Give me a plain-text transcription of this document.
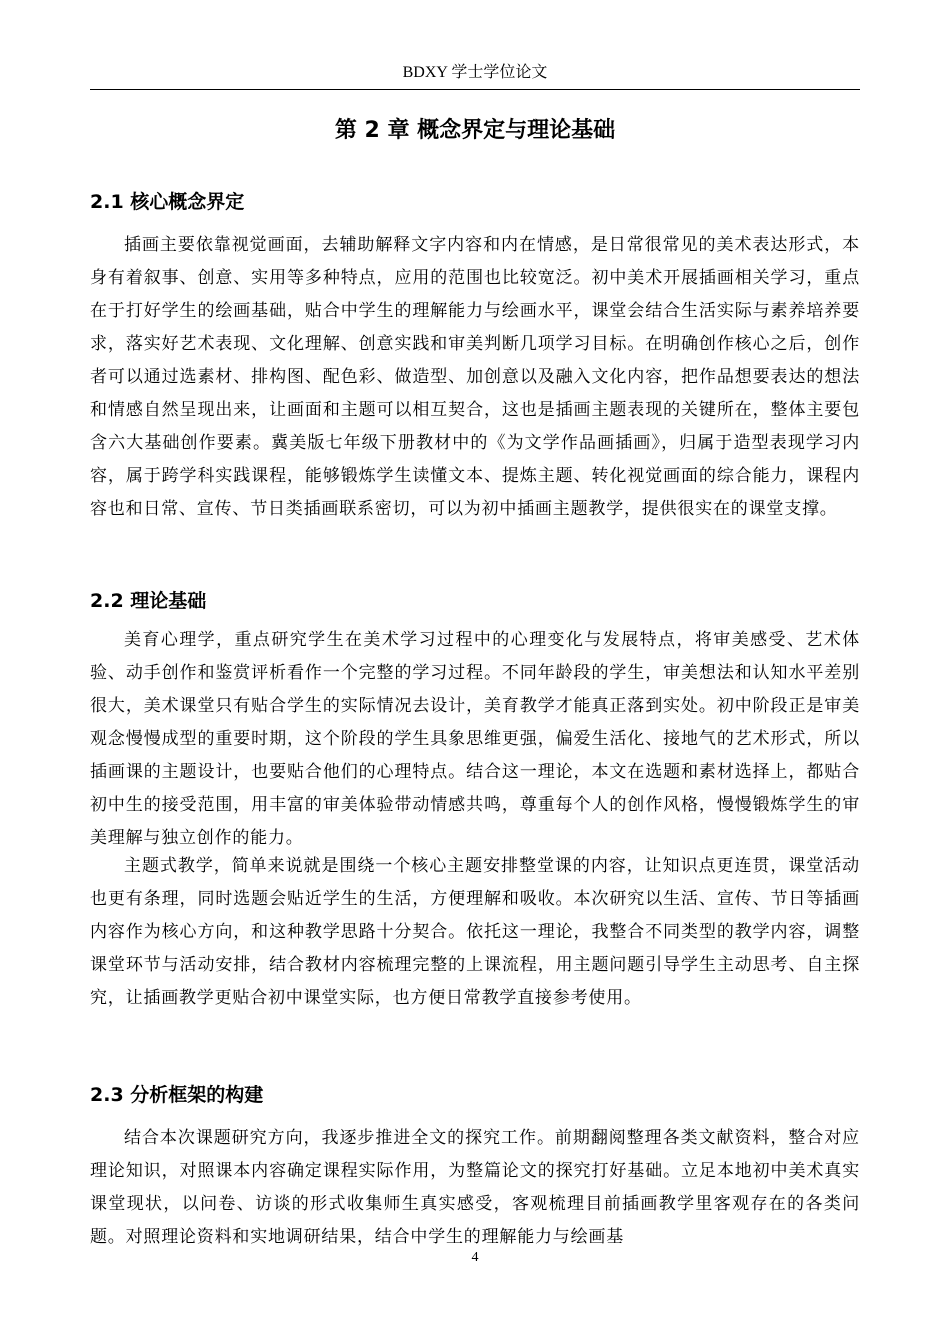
BDXY 学士学位论文
第 2 章 概念界定与理论基础
2.1 核心概念界定

插画主要依靠视觉画面，去辅助解释文字内容和内在情感，是日常很常见的美术表达形式，本身有着叙事、创意、实用等多种特点，应用的范围也比较宽泛。初中美术开展插画相关学习，重点在于打好学生的绘画基础，贴合中学生的理解能力与绘画水平，课堂会结合生活实际与素养培养要求，落实好艺术表现、文化理解、创意实践和审美判断几项学习目标。在明确创作核心之后，创作者可以通过选素材、排构图、配色彩、做造型、加创意以及融入文化内容，把作品想要表达的想法和情感自然呈现出来，让画面和主题可以相互契合，这也是插画主题表现的关键所在，整体主要包含六大基础创作要素。冀美版七年级下册教材中的《为文学作品画插画》，归属于造型表现学习内容，属于跨学科实践课程，能够锻炼学生读懂文本、提炼主题、转化视觉画面的综合能力，课程内容也和日常、宣传、节日类插画联系密切，可以为初中插画主题教学，提供很实在的课堂支撑。

2.2 理论基础

美育心理学，重点研究学生在美术学习过程中的心理变化与发展特点，将审美感受、艺术体验、动手创作和鉴赏评析看作一个完整的学习过程。不同年龄段的学生，审美想法和认知水平差别很大，美术课堂只有贴合学生的实际情况去设计，美育教学才能真正落到实处。初中阶段正是审美观念慢慢成型的重要时期，这个阶段的学生具象思维更强，偏爱生活化、接地气的艺术形式，所以插画课的主题设计，也要贴合他们的心理特点。结合这一理论，本文在选题和素材选择上，都贴合初中生的接受范围，用丰富的审美体验带动情感共鸣，尊重每个人的创作风格，慢慢锻炼学生的审美理解与独立创作的能力。

主题式教学，简单来说就是围绕一个核心主题安排整堂课的内容，让知识点更连贯，课堂活动也更有条理，同时选题会贴近学生的生活，方便理解和吸收。本次研究以生活、宣传、节日等插画内容作为核心方向，和这种教学思路十分契合。依托这一理论，我整合不同类型的教学内容，调整课堂环节与活动安排，结合教材内容梳理完整的上课流程，用主题问题引导学生主动思考、自主探究，让插画教学更贴合初中课堂实际，也方便日常教学直接参考使用。

2.3 分析框架的构建

结合本次课题研究方向，我逐步推进全文的探究工作。前期翻阅整理各类文献资料，整合对应理论知识，对照课本内容确定课程实际作用，为整篇论文的探究打好基础。立足本地初中美术真实课堂现状，以问卷、访谈的形式收集师生真实感受，客观梳理目前插画教学里客观存在的各类问题。对照理论资料和实地调研结果，结合中学生的理解能力与绘画基

4
